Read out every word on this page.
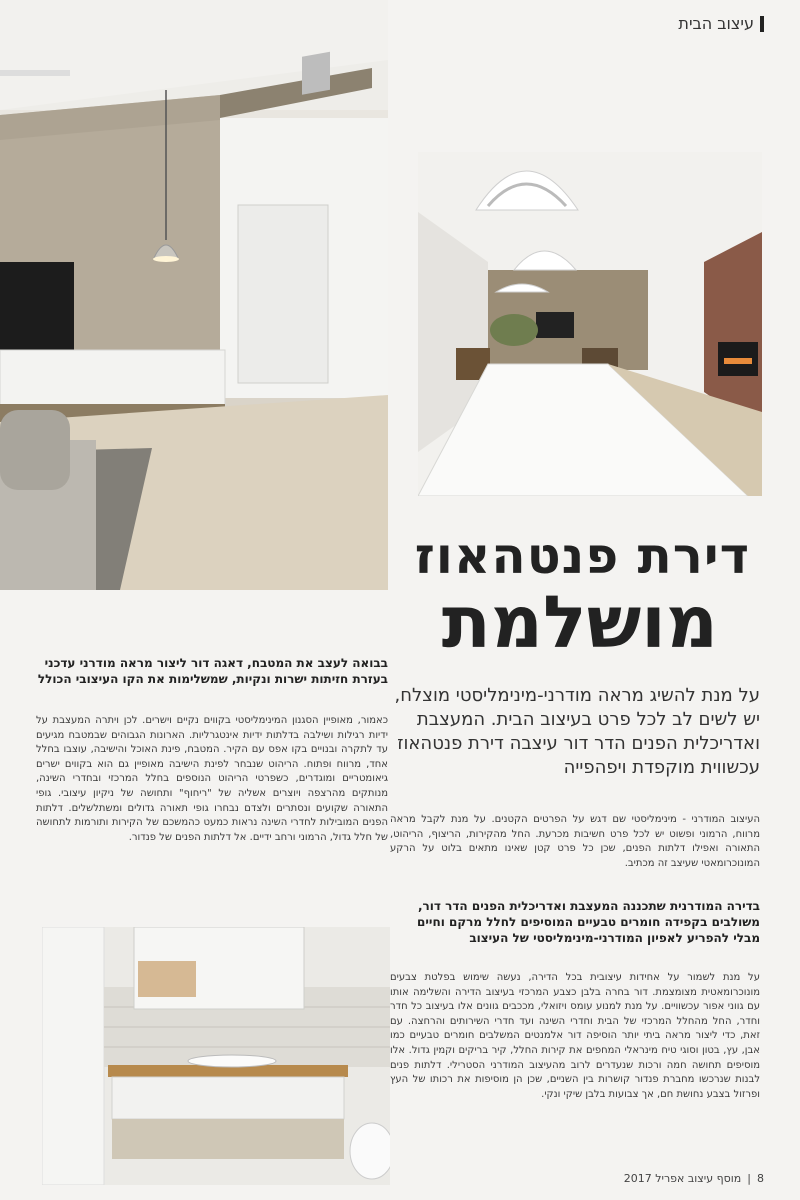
עיצוב הבית
דירת פנטהאוז
מושלמת
על מנת להשיג מראה מודרני-מינימליסטי מוצלח, יש לשים לב לכל פרט בעיצוב הבית. המעצבת ואדריכלית הפנים הדר דור עיצבה דירת פנטהאוז עכשווית מוקפדת ויפהפייה
העיצוב המודרני - מינימליסטי שם דגש על הפרטים הקטנים. על מנת לקבל מראה מרווח, הרמוני ופשוט יש לכל פרט חשיבות מכרעת. החל מהקירות, הריצוף, הריהוט, התאורה ואפילו דלתות הפנים, שכן כל פרט קטן שאינו מתאים בלוט על הרקע המונוכרומאטי שעיצב זה מכתיב.
בדירה המודרנית שתכננה המעצבת ואדריכלית הפנים הדר דור, משולבים בקפידה חומרים טבעיים המוסיפים לחלל מרקם וחיים מבלי להפריע לאפיון המודרני-מינימליסטי של העיצוב
על מנת לשמור על אחידות עיצובית בכל הדירה, נעשה שימוש בפלטת צבעים מונוכרומאטית מצומצמת. דור בחרה בלבן כצבע המרכזי בעיצוב הדירה והשלימה אותו עם גווני אפור עכשוויים. על מנת למנוע עומס ויזואלי, מככבים גוונים אלו בעיצוב כל חדר וחדר, החל מהחלל המרכזי של הבית וחדרי השינה ועד חדרי השירותים והרחצה. עם זאת, כדי ליצור מראה ביתי יותר הוסיפה דור אלמנטים המשלבים חומרים טבעיים כמו אבן, עץ, בטון וסוגי טיח מינראלי המחפים את קירות החלל, קיר בריקים וקמין גדול. אלו מוסיפים תחושה חמה ורכות שנעדרים לרוב מהעיצוב המודרני הסטרילי. דלתות פנים לבנות שנרכשו מחברת פנדור קושרות בין השניים, שכן הן מוסיפות את רכותו של העץ ופרזול בצבע נחושת חם, אך צבועות בלבן שיקי ונקי.
בבואה לעצב את המטבח, דאגה דור ליצור מראה מודרני עדכני בעזרת חזיתות ישרות ונקיות, שמשלימות את הקו העיצובי הכולל
כאמור, מאופיין הסגנון המינימליסטי בקווים נקיים וישרים. לכן ויתרה המעצבת על ידיות רגילות ושילבה בדלתות ידיות אינטגרליות. הארונות הגבוהים שבמטבח מגיעים עד לתקרה ובנויים בקו אפס עם הקיר. המטבח, פינת האוכל והישיבה, עוצבו בחלל אחד, מרווח ופתוח. הריהוט שנבחר לפינת הישיבה מאופיין גם הוא בקווים ישרים גיאומטריים ומוגדרים, כשפרטי הריהוט הנוספים בחלל המרכזי ובחדרי השינה, מנותקים מהרצפה ויוצרים אשליה של "ריחוף" ותחושה של ניקיון עיצובי. גופי התאורה שקועים ונסתרים ולצדם נבחרו גופי תאורה גדולים ומשתלשלים. דלתות הפנים המובילות לחדרי השינה נראות כמעט כהמשכם של הקירות ותורמות לתחושה של חלל גדול, הרמוני ורחב ידיים. אל דלתות הפנים של פנדור.
8
|
מוסף עיצוב אפריל 2017
